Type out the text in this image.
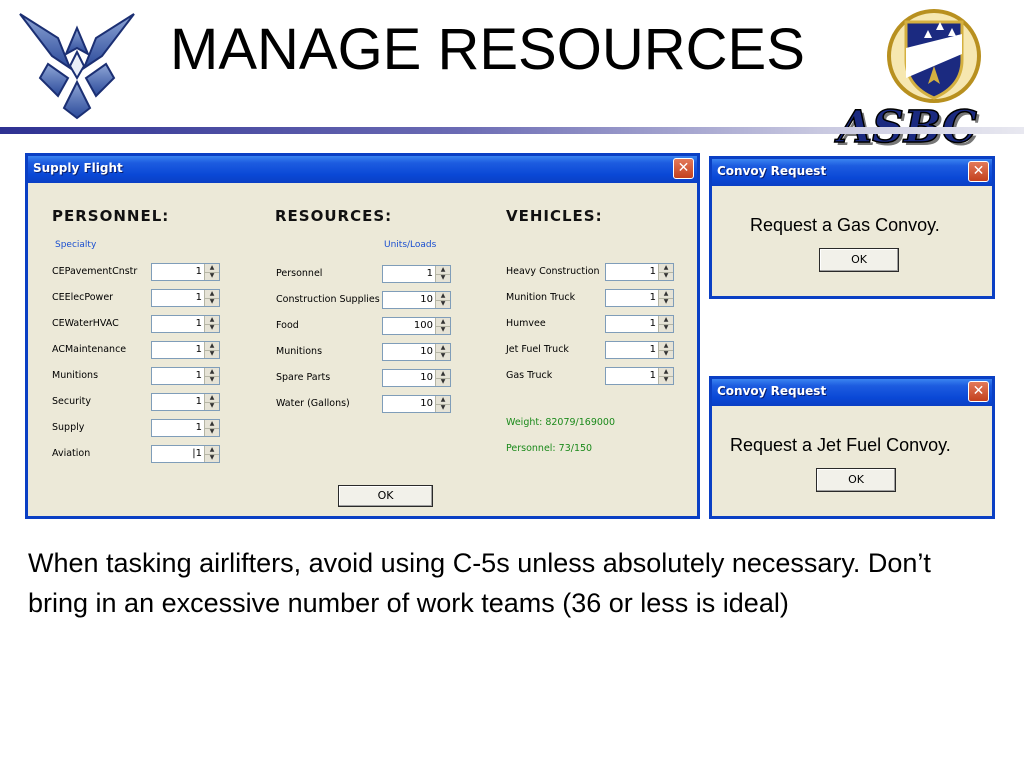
MANAGE RESOURCES
Supply Flight	✕
PERSONNEL:
Specialty
CEPavementCnstr	1	▲
▼
CEElecPower	1	▲
▼
CEWaterHVAC	1	▲
▼
ACMaintenance	1	▲
▼
Munitions	1	▲
▼
Security	1	▲
▼
Supply	1	▲
▼
Aviation	|1	▲
▼
RESOURCES:
Units/Loads
Personnel	1	▲
▼
Construction Supplies	10	▲
▼
Food	100	▲
▼
Munitions	10	▲
▼
Spare Parts	10	▲
▼
Water (Gallons)	10	▲
▼
VEHICLES:
Heavy Construction	1	▲
▼
Munition Truck	1	▲
▼
Humvee	1	▲
▼
Jet Fuel Truck	1	▲
▼
Gas Truck	1	▲
▼
Weight: 82079/169000
Personnel: 73/150
OK
Convoy Request	✕
Request a Gas Convoy.
OK
Convoy Request	✕
Request a Jet Fuel Convoy.
OK
When tasking airlifters, avoid using C-5s unless absolutely necessary. Don’t bring in an excessive number of work teams (36 or less is ideal)
